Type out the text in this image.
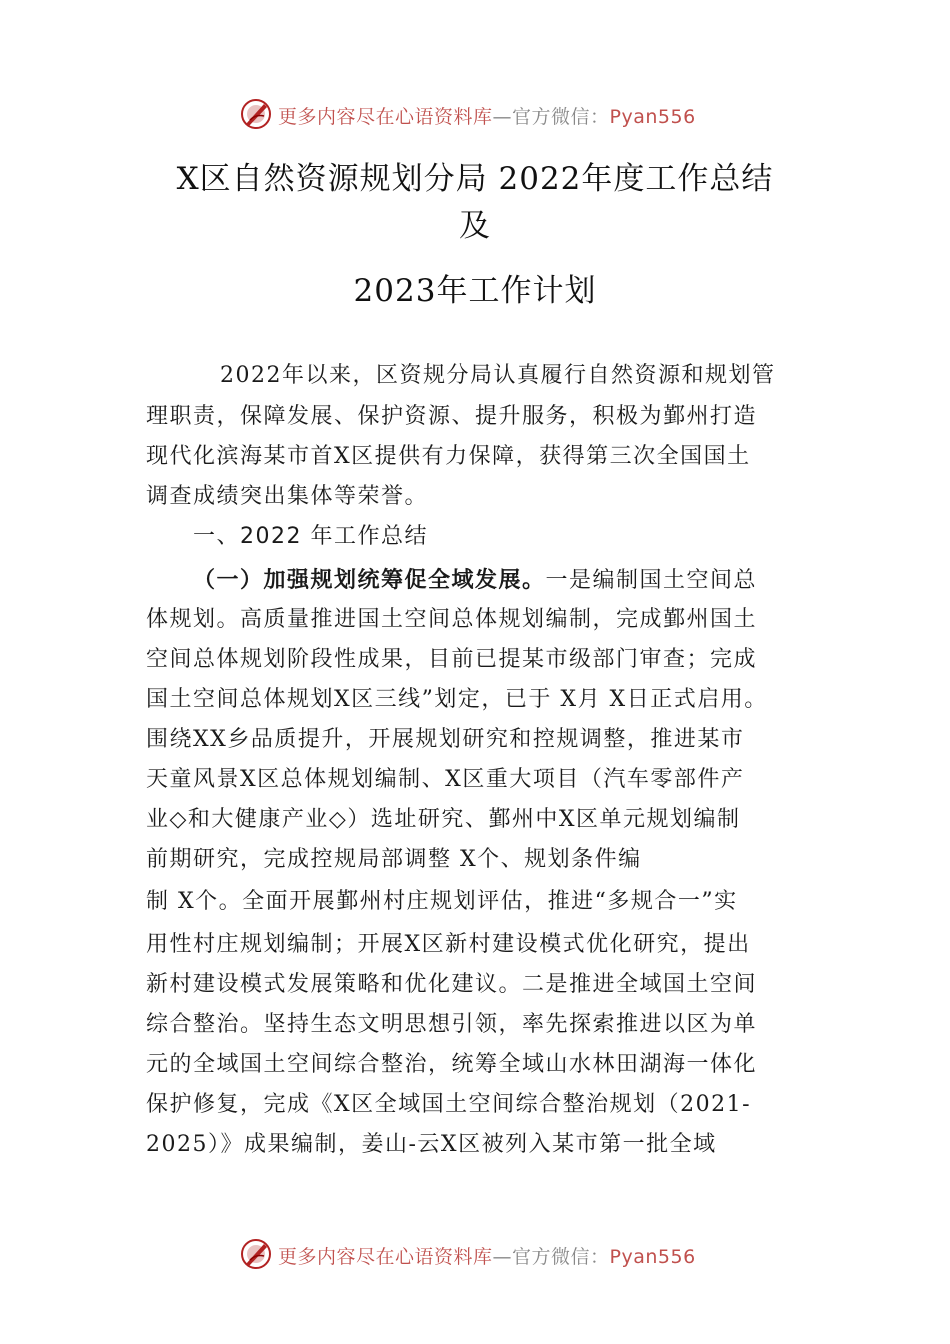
更多内容尽在心语资料库—官方微信：Pyan556
X区自然资源规划分局 2022年度工作总结
及
2023年工作计划
2022年以来，区资规分局认真履行自然资源和规划管
理职责，保障发展、保护资源、提升服务，积极为鄞州打造
现代化滨海某市首X区提供有力保障，获得第三次全国国土
调查成绩突出集体等荣誉。
一、2022 年工作总结
（一）加强规划统筹促全域发展。一是编制国土空间总
体规划。高质量推进国土空间总体规划编制，完成鄞州国土
空间总体规划阶段性成果，目前已提某市级部门审查；完成
国土空间总体规划X区三线”划定，已于 X月 X日正式启用。
围绕XX乡品质提升，开展规划研究和控规调整，推进某市
天童风景X区总体规划编制、X区重大项目（汽车零部件产
业◇和大健康产业◇）选址研究、鄞州中X区单元规划编制
前期研究，完成控规局部调整 X个、规划条件编
制 X个。全面开展鄞州村庄规划评估，推进“多规合一”实
用性村庄规划编制；开展X区新村建设模式优化研究，提出
新村建设模式发展策略和优化建议。二是推进全域国土空间
综合整治。坚持生态文明思想引领，率先探索推进以区为单
元的全域国土空间综合整治，统筹全域山水林田湖海一体化
保护修复，完成《X区全域国土空间综合整治规划（2021-
2025）》成果编制，姜山-云X区被列入某市第一批全域
更多内容尽在心语资料库—官方微信：Pyan556
